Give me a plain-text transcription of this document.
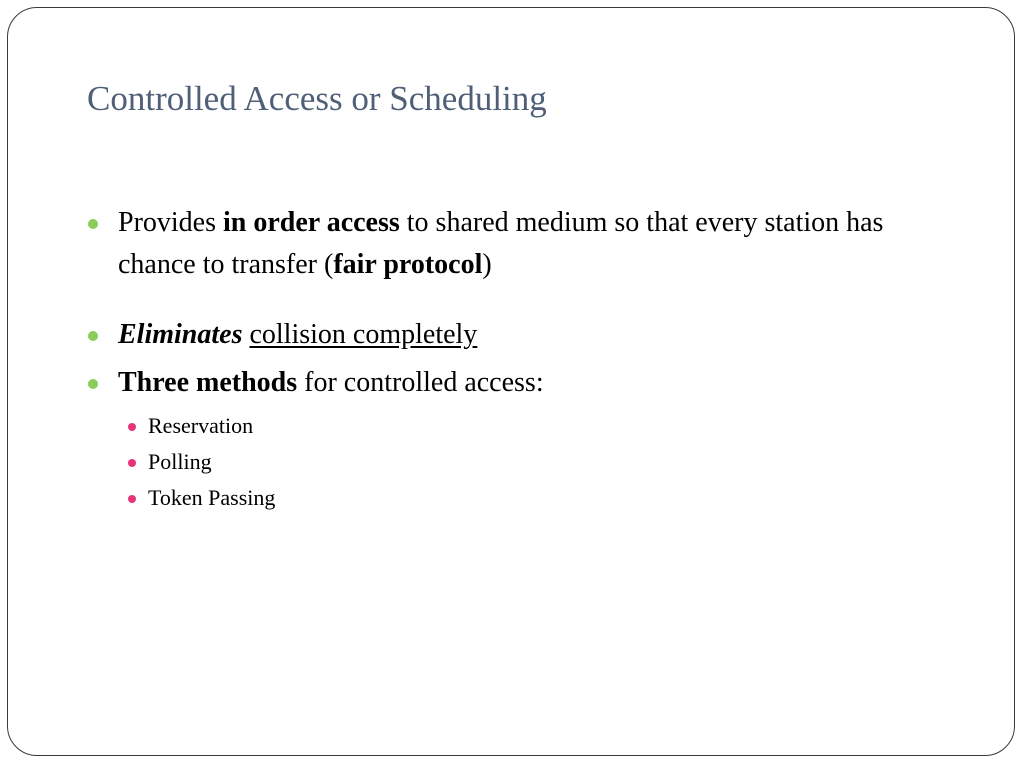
Controlled Access or Scheduling
Provides in order access to shared medium so that every station has chance to transfer (fair protocol)
Eliminates collision completely
Three methods for controlled access:
Reservation
Polling
Token Passing
